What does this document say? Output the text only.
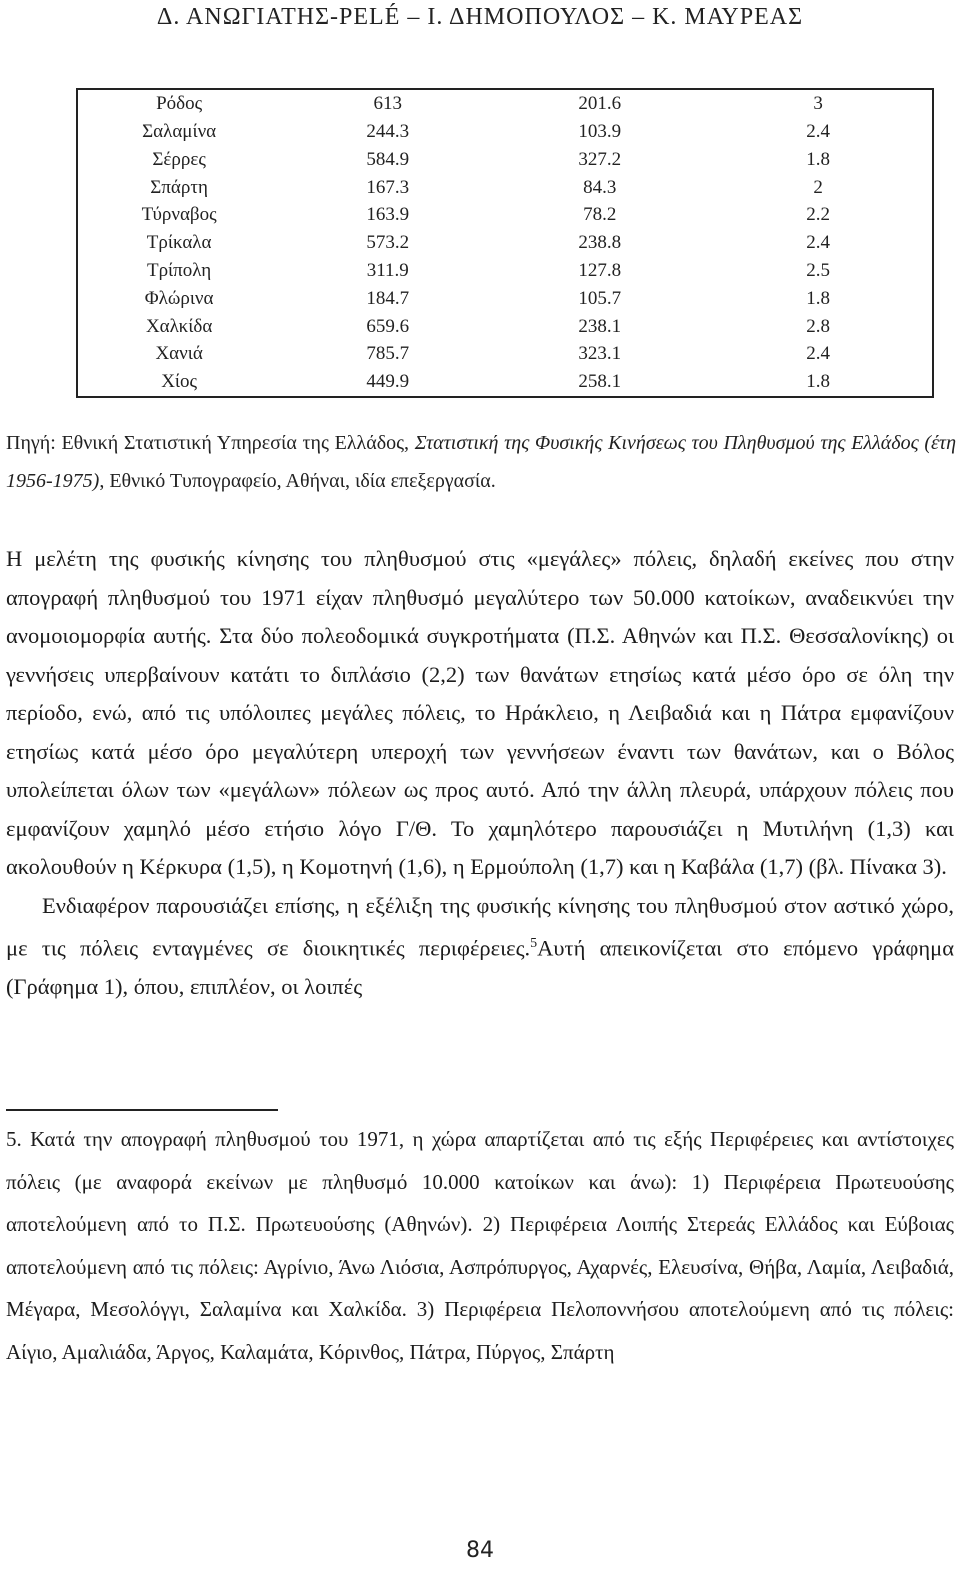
Δ. ΑΝΩΓΙΑΤΗΣ-PELÉ – Ι. ΔΗΜΟΠΟΥΛΟΣ – Κ. ΜΑΥΡΕΑΣ
Ρόδος	613	201.6	3
Σαλαμίνα	244.3	103.9	2.4
Σέρρες	584.9	327.2	1.8
Σπάρτη	167.3	84.3	2
Τύρναβος	163.9	78.2	2.2
Τρίκαλα	573.2	238.8	2.4
Τρίπολη	311.9	127.8	2.5
Φλώρινα	184.7	105.7	1.8
Χαλκίδα	659.6	238.1	2.8
Χανιά	785.7	323.1	2.4
Χίος	449.9	258.1	1.8
Πηγή: Εθνική Στατιστική Υπηρεσία της Ελλάδος, Στατιστική της Φυσικής Κινήσεως του Πληθυσμού της Ελλάδος (έτη 1956-1975), Εθνικό Τυπογραφείο, Αθήναι, ιδία επεξεργασία.

Η μελέτη της φυσικής κίνησης του πληθυσμού στις «μεγάλες» πόλεις, δηλαδή εκείνες που στην απογραφή πληθυσμού του 1971 είχαν πληθυσμό μεγαλύτερο των 50.000 κατοίκων, αναδεικνύει την ανομοιομορφία αυτής. Στα δύο πολεοδομικά συγκροτήματα (Π.Σ. Αθηνών και Π.Σ. Θεσσαλονίκης) οι γεννήσεις υπερβαίνουν κατάτι το διπλάσιο (2,2) των θανάτων ετησίως κατά μέσο όρο σε όλη την περίοδο, ενώ, από τις υπόλοιπες μεγάλες πόλεις, το Ηράκλειο, η Λειβαδιά και η Πάτρα εμφανίζουν ετησίως κατά μέσο όρο μεγαλύτερη υπεροχή των γεννήσεων έναντι των θανάτων, και ο Βόλος υπολείπεται όλων των «μεγάλων» πόλεων ως προς αυτό. Από την άλλη πλευρά, υπάρχουν πόλεις που εμφανίζουν χαμηλό μέσο ετήσιο λόγο Γ/Θ. Το χαμηλότερο παρουσιάζει η Μυτιλήνη (1,3) και ακολουθούν η Κέρκυρα (1,5), η Κομοτηνή (1,6), η Ερμούπολη (1,7) και η Καβάλα (1,7) (βλ. Πίνακα 3).

Ενδιαφέρον παρουσιάζει επίσης, η εξέλιξη της φυσικής κίνησης του πληθυσμού στον αστικό χώρο, με τις πόλεις ενταγμένες σε διοικητικές περιφέρειες.$^5$Αυτή απεικονίζεται στο επόμενο γράφημα (Γράφημα 1), όπου, επιπλέον, οι λοιπές

5. Κατά την απογραφή πληθυσμού του 1971, η χώρα απαρτίζεται από τις εξής Περιφέρειες και αντίστοιχες πόλεις (με αναφορά εκείνων με πληθυσμό 10.000 κατοίκων και άνω): 1) Περιφέρεια Πρωτευούσης αποτελούμενη από το Π.Σ. Πρωτευούσης (Αθηνών). 2) Περιφέρεια Λοιπής Στερεάς Ελλάδος και Εύβοιας αποτελούμενη από τις πόλεις: Αγρίνιο, Άνω Λιόσια, Ασπρόπυργος, Αχαρνές, Ελευσίνα, Θήβα, Λαμία, Λειβαδιά, Μέγαρα, Μεσολόγγι, Σαλαμίνα και Χαλκίδα. 3) Περιφέρεια Πελοποννήσου αποτελούμενη από τις πόλεις: Αίγιο, Αμαλιάδα, Άργος, Καλαμάτα, Κόρινθος, Πάτρα, Πύργος, Σπάρτη
84
